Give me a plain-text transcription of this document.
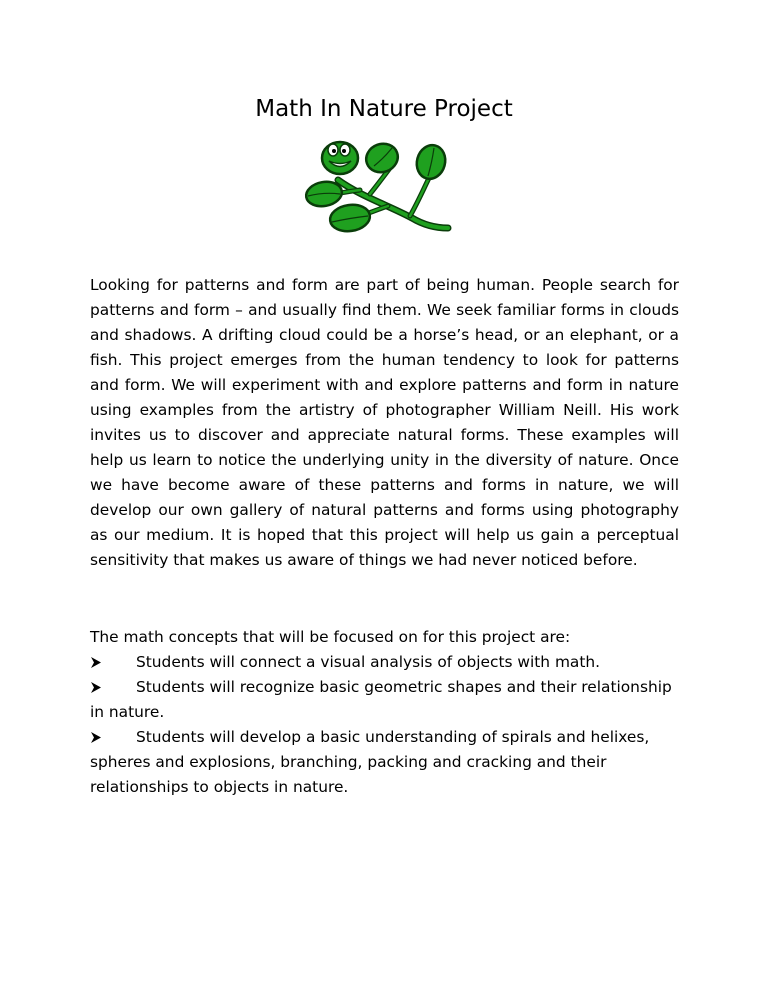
Math In Nature Project

Looking for patterns and form are part of being human. People search for patterns and form – and usually find them. We seek familiar forms in clouds and shadows. A drifting cloud could be a horse’s head, or an elephant, or a fish. This project emerges from the human tendency to look for patterns and form. We will experiment with and explore patterns and form in nature using examples from the artistry of photographer William Neill. His work invites us to discover and appreciate natural forms. These examples will help us learn to notice the underlying unity in the diversity of nature. Once we have become aware of these patterns and forms in nature, we will develop our own gallery of natural patterns and forms using photography as our medium. It is hoped that this project will help us gain a perceptual sensitivity that makes us aware of things we had never noticed before.

The math concepts that will be focused on for this project are:

Students will connect a visual analysis of objects with math.
Students will recognize basic geometric shapes and their relationship in nature.
Students will develop a basic understanding of spirals and helixes, spheres and explosions, branching, packing and cracking and their relationships to objects in nature.
